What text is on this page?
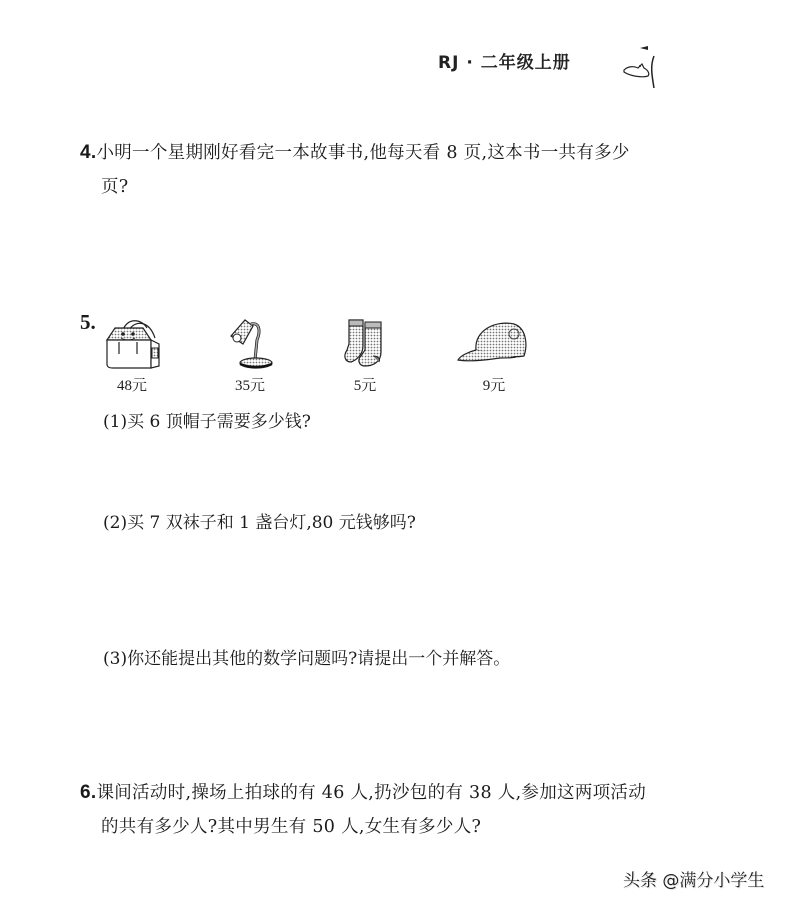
RJ · 二年级上册
4.小明一个星期刚好看完一本故事书,他每天看 8 页,这本书一共有多少
页?
5.
48元	35元	5元	9元
(1)买 6 顶帽子需要多少钱?
(2)买 7 双袜子和 1 盏台灯,80 元钱够吗?
(3)你还能提出其他的数学问题吗?请提出一个并解答。
6.课间活动时,操场上拍球的有 46 人,扔沙包的有 38 人,参加这两项活动
的共有多少人?其中男生有 50 人,女生有多少人?
头条 @满分小学生
